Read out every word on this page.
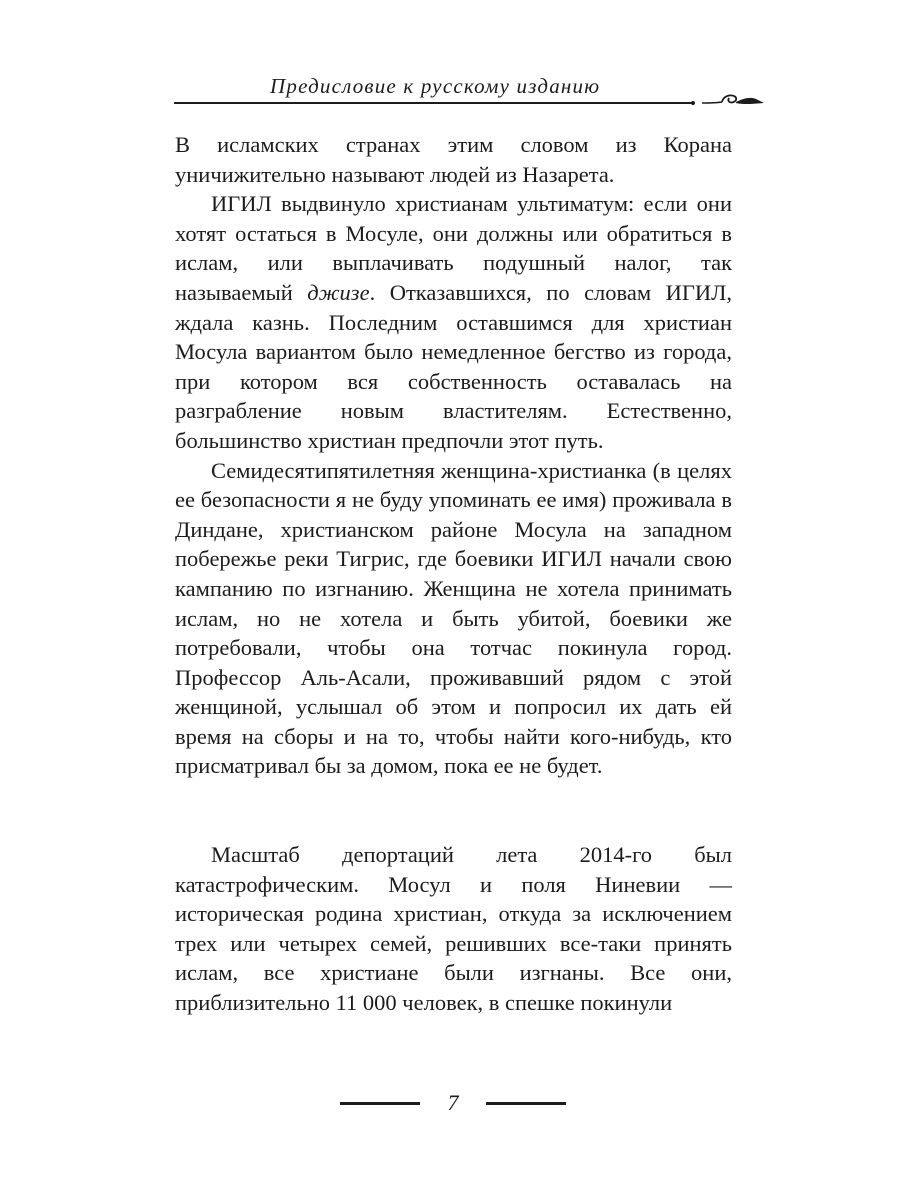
Предисловие к русскому изданию

В исламских странах этим словом из Корана уничижительно называют людей из Назарета.

ИГИЛ выдвинуло христианам ультиматум: если они хотят остаться в Мосуле, они должны или обратиться в ислам, или выплачивать подушный налог, так называемый джизе. Отказавшихся, по словам ИГИЛ, ждала казнь. Последним оставшимся для христиан Мосула вариантом было немедленное бегство из города, при котором вся собственность оставалась на разграбление новым властителям. Естественно, большинство христиан предпочли этот путь.

Семидесятипятилетняя женщина-христианка (в целях ее безопасности я не буду упоминать ее имя) проживала в Диндане, христианском районе Мосула на западном побережье реки Тигрис, где боевики ИГИЛ начали свою кампанию по изгнанию. Женщина не хотела принимать ислам, но не хотела и быть убитой, боевики же потребовали, чтобы она тотчас покинула город. Профессор Аль-Асали, проживавший рядом с этой женщиной, услышал об этом и попросил их дать ей время на сборы и на то, чтобы найти кого-нибудь, кто присматривал бы за домом, пока ее не будет.

Масштаб депортаций лета 2014-го был катастрофическим. Мосул и поля Ниневии — историческая родина христиан, откуда за исключением трех или четырех семей, решивших все-таки принять ислам, все христиане были изгнаны. Все они, приблизительно 11 000 человек, в спешке покинули

7
